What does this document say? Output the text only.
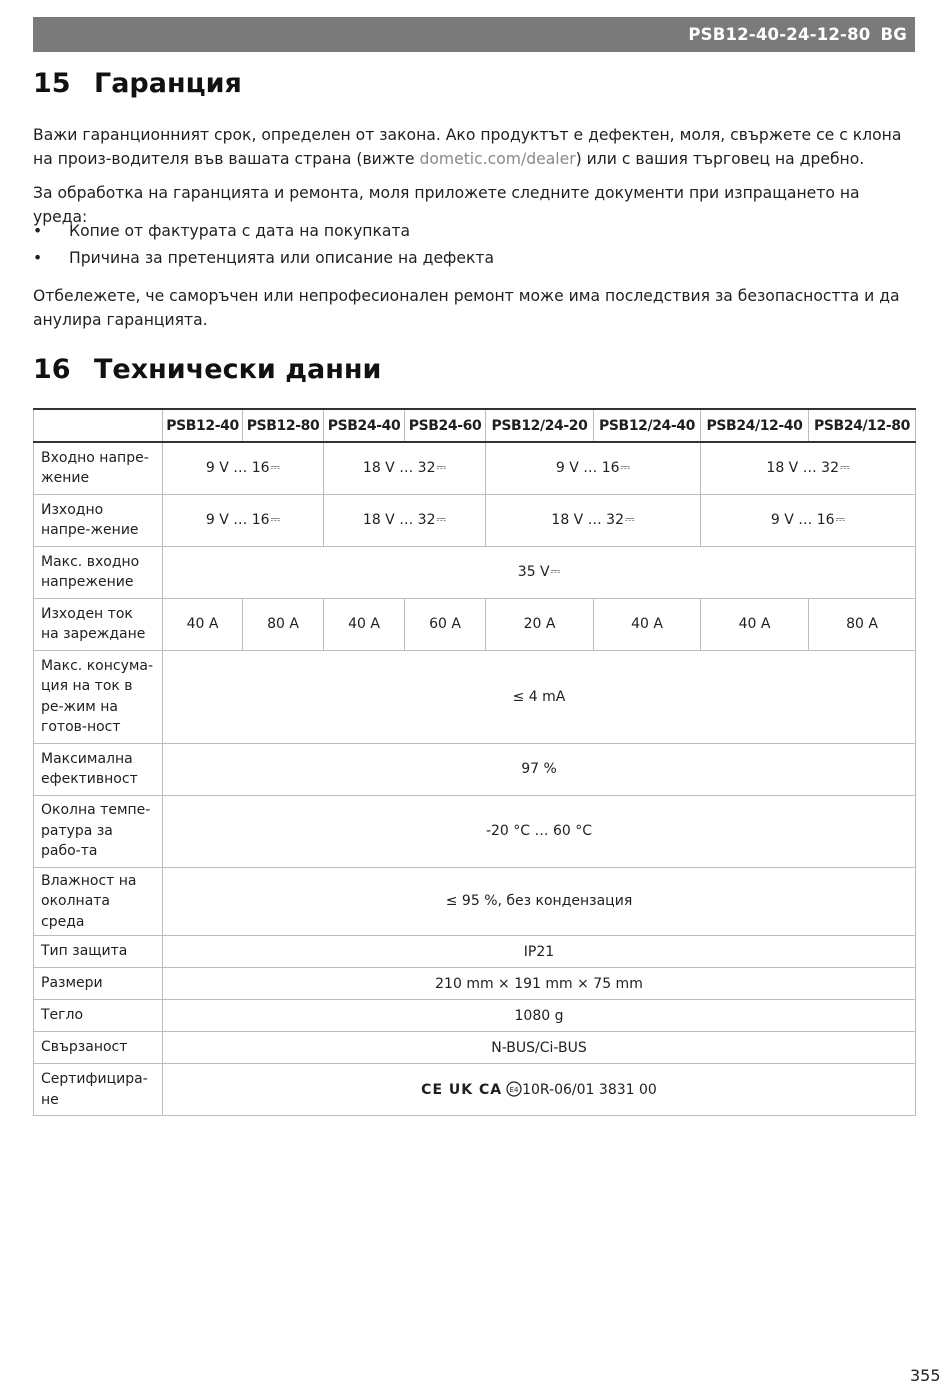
PSB12-40-24-12-80 BG
15 Гаранция

Важи гаранционният срок, определен от закона. Ако продуктът е дефектен, моля, свържете се с клона на произ-водителя във вашата страна (вижте dometic.com/dealer) или с вашия търговец на дребно.

За обработка на гаранцията и ремонта, моля приложете следните документи при изпращането на уреда:

• Копие от фактурата с дата на покупката
• Причина за претенцията или описание на дефекта

Отбележете, че саморъчен или непрофесионален ремонт може има последствия за безопасността и да анулира гаранцията.

16 Технически данни
	PSB12-40	PSB12-80	PSB24-40	PSB24-60	PSB12/24-20	PSB12/24-40	PSB24/12-40	PSB24/12-80
Входно напре-жение	9 V … 16⎓		18 V … 32⎓		9 V … 16⎓		18 V … 32⎓	
Изходно напре-жение	9 V … 16⎓		18 V … 32⎓		18 V … 32⎓		9 V … 16⎓	
Макс. входно напрежение	35 V⎓							
Изходен ток на зареждане	40 A	80 A	40 A	60 A	20 A	40 A	40 A	80 A
Макс. консума-ция на ток в ре-жим на готов-ност	≤ 4 mA							
Максимална ефективност	97 %							
Околна темпе-ратура за рабо-та	-20 °C … 60 °C							
Влажност на околната среда	≤ 95 %, без кондензация							
Тип защита	IP21							
Размери	210 mm × 191 mm × 75 mm							
Тегло	1080 g							
Свързаност	N-BUS/Ci-BUS							
Сертифицира-не	CE UK CA E4 10R-06/01 3831 00							
355
